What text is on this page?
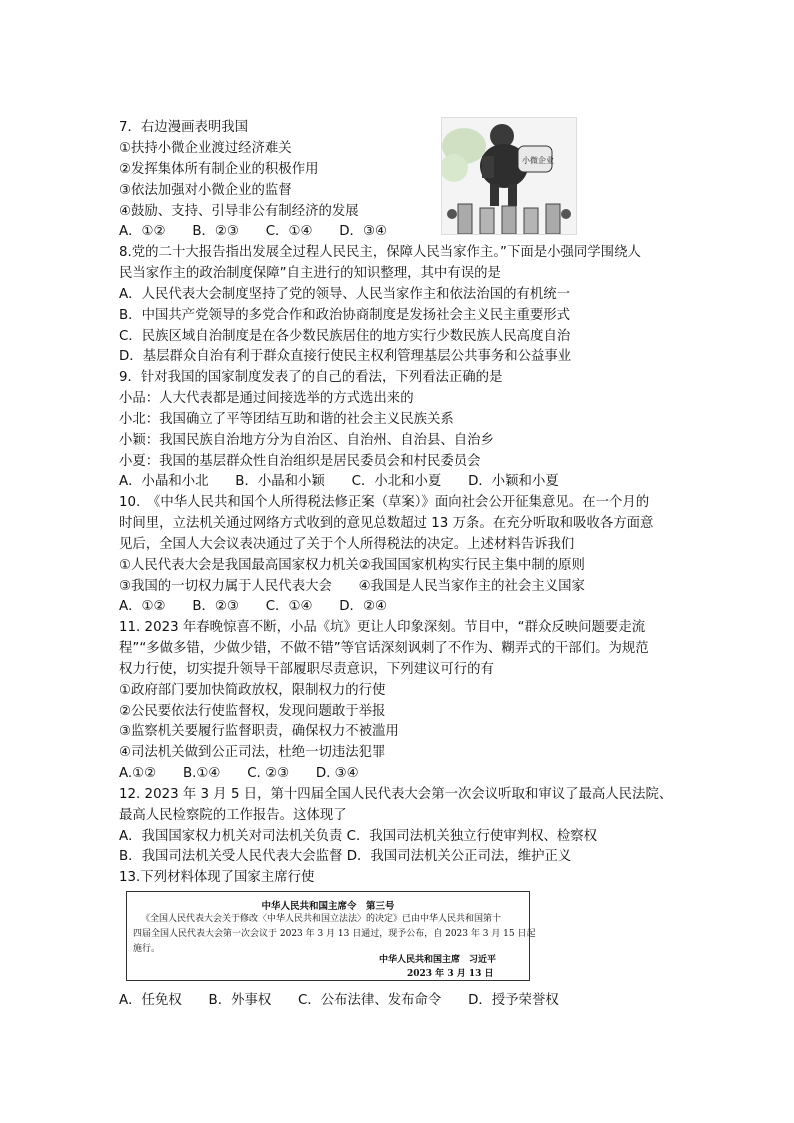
7．右边漫画表明我国
①扶持小微企业渡过经济难关
②发挥集体所有制企业的积极作用
③依法加强对小微企业的监督
④鼓励、支持、引导非公有制经济的发展
A．①②　　B．②③　　C．①④　　D．③④
小微企业
8.党的二十大报告指出发展全过程人民民主，保障人民当家作主。”下面是小强同学围绕人
民当家作主的政治制度保障”自主进行的知识整理，其中有误的是
A．人民代表大会制度坚持了党的领导、人民当家作主和依法治国的有机统一
B．中国共产党领导的多党合作和政治协商制度是发扬社会主义民主重要形式
C．民族区域自治制度是在各少数民族居住的地方实行少数民族人民高度自治
D．基层群众自治有利于群众直接行使民主权利管理基层公共事务和公益事业
9．针对我国的国家制度发表了的自己的看法，下列看法正确的是
小品：人大代表都是通过间接选举的方式选出来的
小北：我国确立了平等团结互助和谐的社会主义民族关系
小颖：我国民族自治地方分为自治区、自治州、自治县、自治乡
小夏：我国的基层群众性自治组织是居民委员会和村民委员会
A．小晶和小北　　B．小晶和小颖　　C．小北和小夏　　D．小颖和小夏
10.　《中华人民共和国个人所得税法修正案（草案）》面向社会公开征集意见。在一个月的
时间里，立法机关通过网络方式收到的意见总数超过 13 万条。在充分听取和吸收各方面意
见后，全国人大会议表决通过了关于个人所得税法的决定。上述材料告诉我们
①人民代表大会是我国最高国家权力机关②我国国家机构实行民主集中制的原则
③我国的一切权力属于人民代表大会　　④我国是人民当家作主的社会主义国家
A．①②　　B．②③　　C．①④　　D．②④
11. 2023 年春晚惊喜不断，小品《坑》更让人印象深刻。节目中，“群众反映问题要走流
程”“多做多错，少做少错，不做不错”等官话深刻讽刺了不作为、糊弄式的干部们。为规范
权力行使，切实提升领导干部履职尽责意识，下列建议可行的有
①政府部门要加快简政放权，限制权力的行使
②公民要依法行使监督权，发现问题敢于举报
③监察机关要履行监督职责，确保权力不被滥用
④司法机关做到公正司法，杜绝一切违法犯罪
A.①②　　B.①④　　C. ②③　　D. ③④
12. 2023 年 3 月 5 日，第十四届全国人民代表大会第一次会议听取和审议了最高人民法院、
最高人民检察院的工作报告。这体现了
A．我国国家权力机关对司法机关负责 C．我国司法机关独立行使审判权、检察权
B．我国司法机关受人民代表大会监督 D．我国司法机关公正司法，维护正义
13.下列材料体现了国家主席行使
中华人民共和国主席令　第三号
《全国人民代表大会关于修改〈中华人民共和国立法法〉的决定》已由中华人民共和国第十
四届全国人民代表大会第一次会议于 2023 年 3 月 13 日通过，现予公布，自 2023 年 3 月 15 日起
施行。
中华人民共和国主席　习近平
2023 年 3 月 13 日
A．任免权　　B．外事权　　C．公布法律、发布命令　　D．授予荣誉权
